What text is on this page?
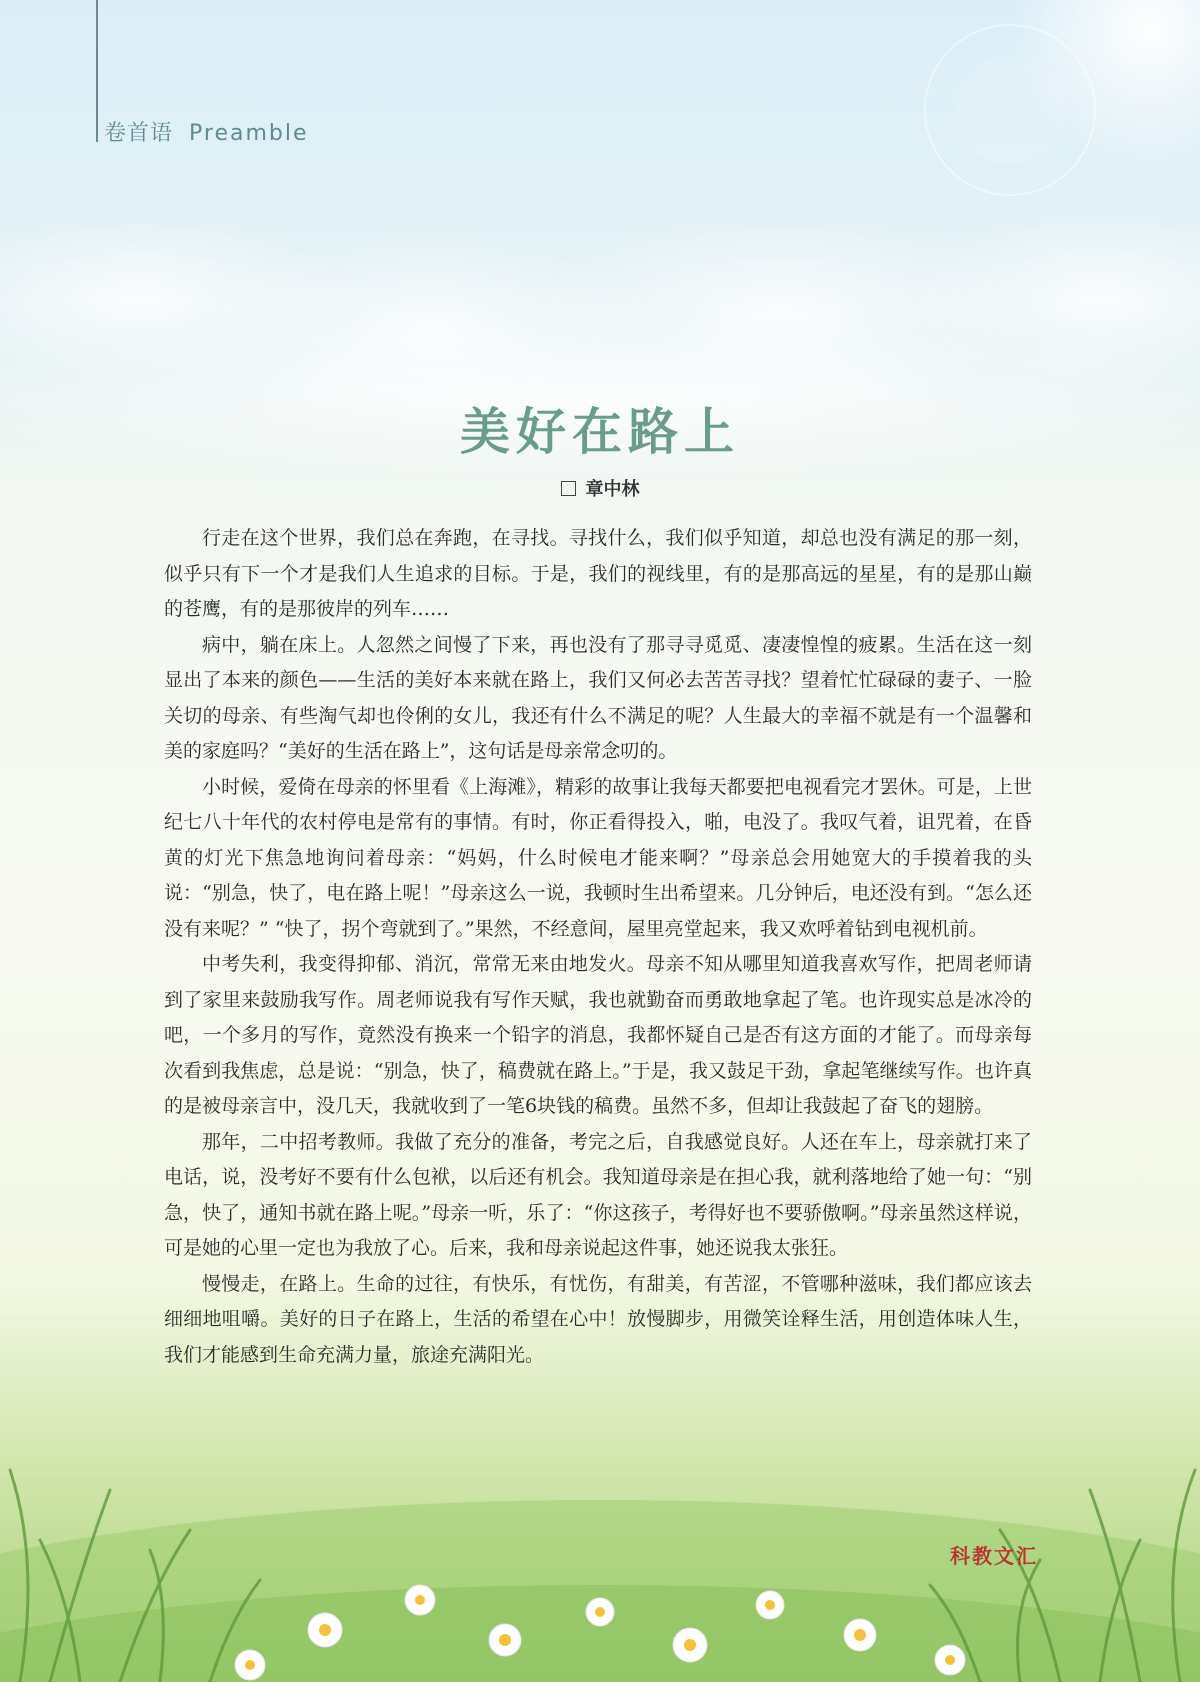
卷首语 Preamble
美好在路上
章中林

行走在这个世界，我们总在奔跑，在寻找。寻找什么，我们似乎知道，却总也没有满足的那一刻，似乎只有下一个才是我们人生追求的目标。于是，我们的视线里，有的是那高远的星星，有的是那山巅的苍鹰，有的是那彼岸的列车……

病中，躺在床上。人忽然之间慢了下来，再也没有了那寻寻觅觅、凄凄惶惶的疲累。生活在这一刻显出了本来的颜色——生活的美好本来就在路上，我们又何必去苦苦寻找？望着忙忙碌碌的妻子、一脸关切的母亲、有些淘气却也伶俐的女儿，我还有什么不满足的呢？人生最大的幸福不就是有一个温馨和美的家庭吗？“美好的生活在路上”，这句话是母亲常念叨的。

小时候，爱倚在母亲的怀里看《上海滩》，精彩的故事让我每天都要把电视看完才罢休。可是，上世纪七八十年代的农村停电是常有的事情。有时，你正看得投入，啪，电没了。我叹气着，诅咒着，在昏黄的灯光下焦急地询问着母亲：“妈妈，什么时候电才能来啊？”母亲总会用她宽大的手摸着我的头说：“别急，快了，电在路上呢！”母亲这么一说，我顿时生出希望来。几分钟后，电还没有到。“怎么还没有来呢？” “快了，拐个弯就到了。”果然，不经意间，屋里亮堂起来，我又欢呼着钻到电视机前。

中考失利，我变得抑郁、消沉，常常无来由地发火。母亲不知从哪里知道我喜欢写作，把周老师请到了家里来鼓励我写作。周老师说我有写作天赋，我也就勤奋而勇敢地拿起了笔。也许现实总是冰冷的吧，一个多月的写作，竟然没有换来一个铅字的消息，我都怀疑自己是否有这方面的才能了。而母亲每次看到我焦虑，总是说：“别急，快了，稿费就在路上。”于是，我又鼓足干劲，拿起笔继续写作。也许真的是被母亲言中，没几天，我就收到了一笔6块钱的稿费。虽然不多，但却让我鼓起了奋飞的翅膀。

那年，二中招考教师。我做了充分的准备，考完之后，自我感觉良好。人还在车上，母亲就打来了电话，说，没考好不要有什么包袱，以后还有机会。我知道母亲是在担心我，就利落地给了她一句：“别急，快了，通知书就在路上呢。”母亲一听，乐了：“你这孩子，考得好也不要骄傲啊。”母亲虽然这样说，可是她的心里一定也为我放了心。后来，我和母亲说起这件事，她还说我太张狂。

慢慢走，在路上。生命的过往，有快乐，有忧伤，有甜美，有苦涩，不管哪种滋味，我们都应该去细细地咀嚼。美好的日子在路上，生活的希望在心中！放慢脚步，用微笑诠释生活，用创造体味人生，我们才能感到生命充满力量，旅途充满阳光。

科教文汇
